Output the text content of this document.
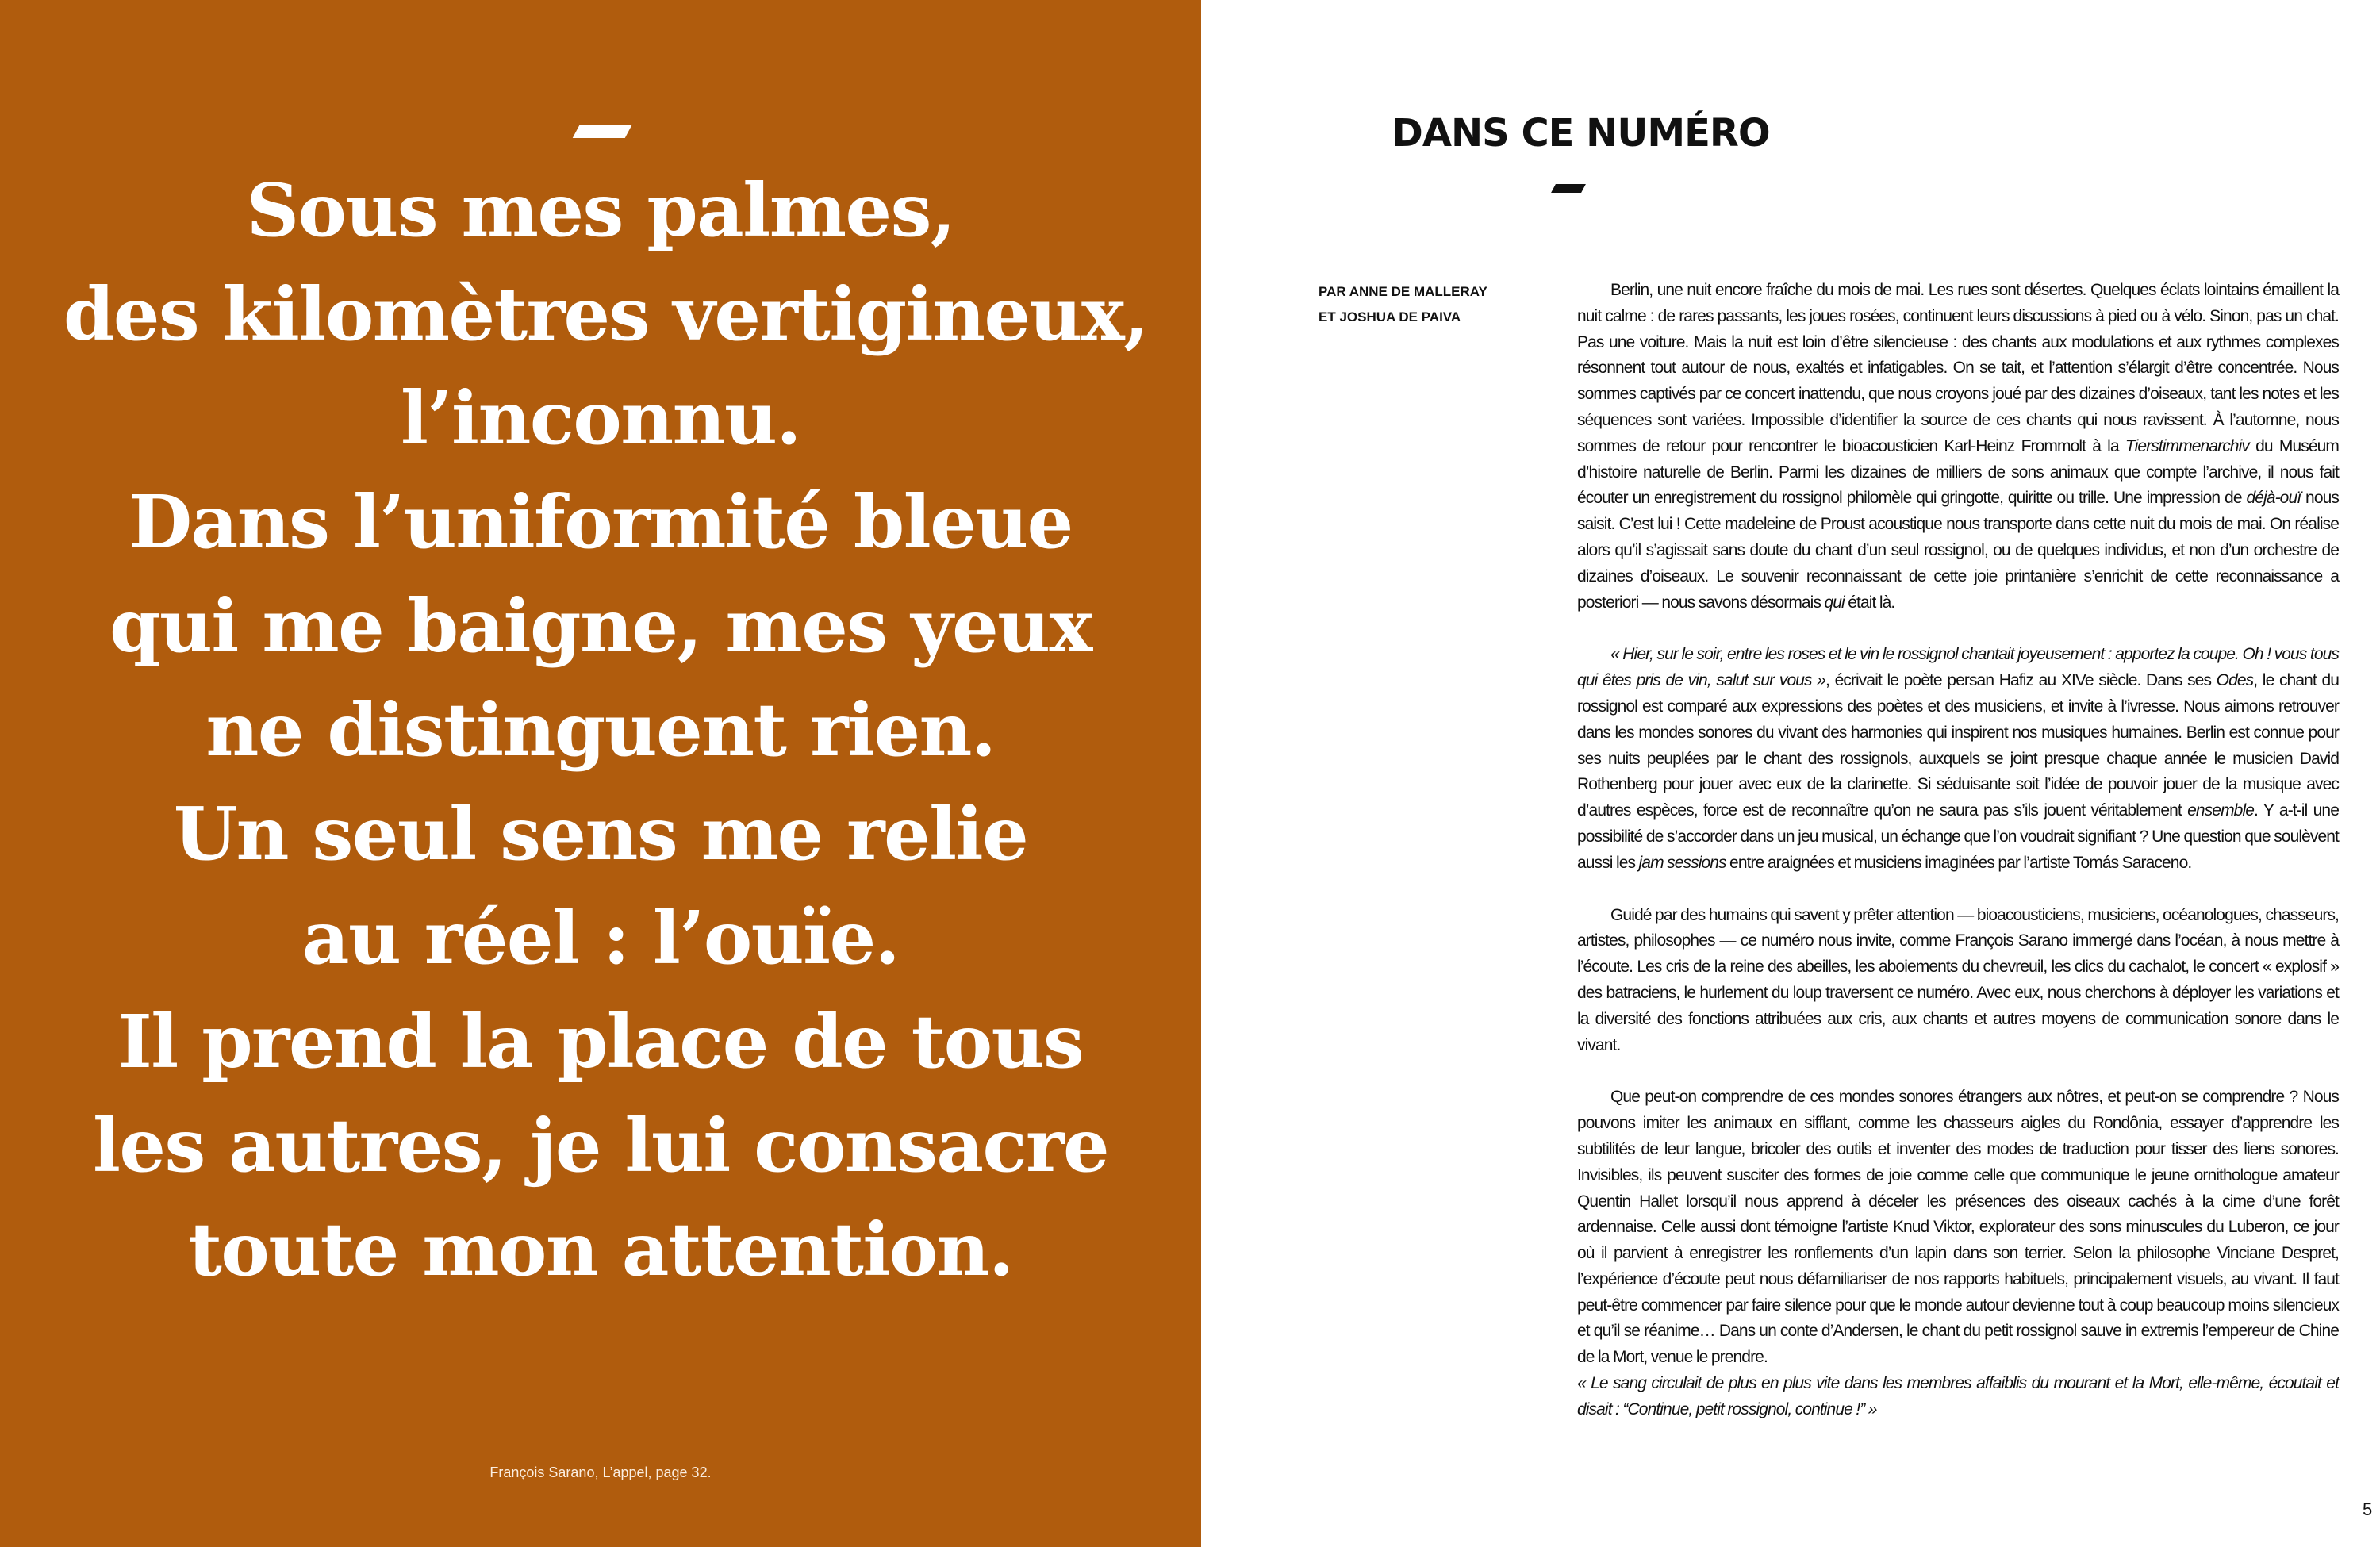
Sous mes palmes,
des kilomètres vertigineux,
l’inconnu.
Dans l’uniformité bleue
qui me baigne, mes yeux
ne distinguent rien.
Un seul sens me relie
au réel : l’ouïe.
Il prend la place de tous
les autres, je lui consacre
toute mon attention.
François Sarano, L’appel, page 32.
DANS CE NUMÉRO
PAR ANNE DE MALLERAY
ET JOSHUA DE PAIVA

Berlin, une nuit encore fraîche du mois de mai. Les rues sont désertes. Quelques éclats lointains émaillent la nuit calme : de rares passants, les joues rosées, continuent leurs discussions à pied ou à vélo. Sinon, pas un chat. Pas une voiture. Mais la nuit est loin d’être silencieuse : des chants aux modulations et aux rythmes complexes résonnent tout autour de nous, exaltés et infatigables. On se tait, et l’attention s’élargit d’être concentrée. Nous sommes captivés par ce concert inattendu, que nous croyons joué par des dizaines d’oiseaux, tant les notes et les séquences sont variées. Impossible d’identifier la source de ces chants qui nous ravissent. À l’automne, nous sommes de retour pour rencontrer le bioacousticien Karl-Heinz Frommolt à la Tierstimmenarchiv du Muséum d’histoire naturelle de Berlin. Parmi les dizaines de milliers de sons animaux que compte l’archive, il nous fait écouter un enregistrement du rossignol philomèle qui gringotte, quiritte ou trille. Une impression de déjà-ouï nous saisit. C’est lui ! Cette madeleine de Proust acoustique nous transporte dans cette nuit du mois de mai. On réalise alors qu’il s’agissait sans doute du chant d’un seul rossignol, ou de quelques individus, et non d’un orchestre de dizaines d’oiseaux. Le souvenir reconnaissant de cette joie printanière s’enrichit de cette reconnaissance a posteriori — nous savons désormais qui était là.

« Hier, sur le soir, entre les roses et le vin le rossignol chantait joyeusement : apportez la coupe. Oh ! vous tous qui êtes pris de vin, salut sur vous », écrivait le poète persan Hafiz au XIVe siècle. Dans ses Odes, le chant du rossignol est comparé aux expressions des poètes et des musiciens, et invite à l’ivresse. Nous aimons retrouver dans les mondes sonores du vivant des harmonies qui inspirent nos musiques humaines. Berlin est connue pour ses nuits peuplées par le chant des rossignols, auxquels se joint presque chaque année le musicien David Rothenberg pour jouer avec eux de la clarinette. Si séduisante soit l’idée de pouvoir jouer de la musique avec d’autres espèces, force est de reconnaître qu’on ne saura pas s’ils jouent véritablement ensemble. Y a-t-il une possibilité de s’accorder dans un jeu musical, un échange que l’on voudrait signifiant ? Une question que soulèvent aussi les jam sessions entre araignées et musiciens imaginées par l’artiste Tomás Saraceno.

Guidé par des humains qui savent y prêter attention — bioacousticiens, musiciens, océanologues, chasseurs, artistes, philosophes — ce numéro nous invite, comme François Sarano immergé dans l’océan, à nous mettre à l’écoute. Les cris de la reine des abeilles, les aboiements du chevreuil, les clics du cachalot, le concert « explosif » des batraciens, le hurlement du loup traversent ce numéro. Avec eux, nous cherchons à déployer les variations et la diversité des fonctions attribuées aux cris, aux chants et autres moyens de communication sonore dans le vivant.

Que peut-on comprendre de ces mondes sonores étrangers aux nôtres, et peut-on se comprendre ? Nous pouvons imiter les animaux en sifflant, comme les chasseurs aigles du Rondônia, essayer d’apprendre les subtilités de leur langue, bricoler des outils et inventer des modes de traduction pour tisser des liens sonores. Invisibles, ils peuvent susciter des formes de joie comme celle que communique le jeune ornithologue amateur Quentin Hallet lorsqu’il nous apprend à déceler les présences des oiseaux cachés à la cime d’une forêt ardennaise. Celle aussi dont témoigne l’artiste Knud Viktor, explorateur des sons minuscules du Luberon, ce jour où il parvient à enregistrer les ronflements d’un lapin dans son terrier. Selon la philosophe Vinciane Despret, l’expérience d’écoute peut nous défamiliariser de nos rapports habituels, principalement visuels, au vivant. Il faut peut-être commencer par faire silence pour que le monde autour devienne tout à coup beaucoup moins silencieux et qu’il se réanime… Dans un conte d’Andersen, le chant du petit rossignol sauve in extremis l’empereur de Chine de la Mort, venue le prendre.

« Le sang circulait de plus en plus vite dans les membres affaiblis du mourant et la Mort, elle-même, écoutait et disait : “Continue, petit rossignol, continue !” »

5
